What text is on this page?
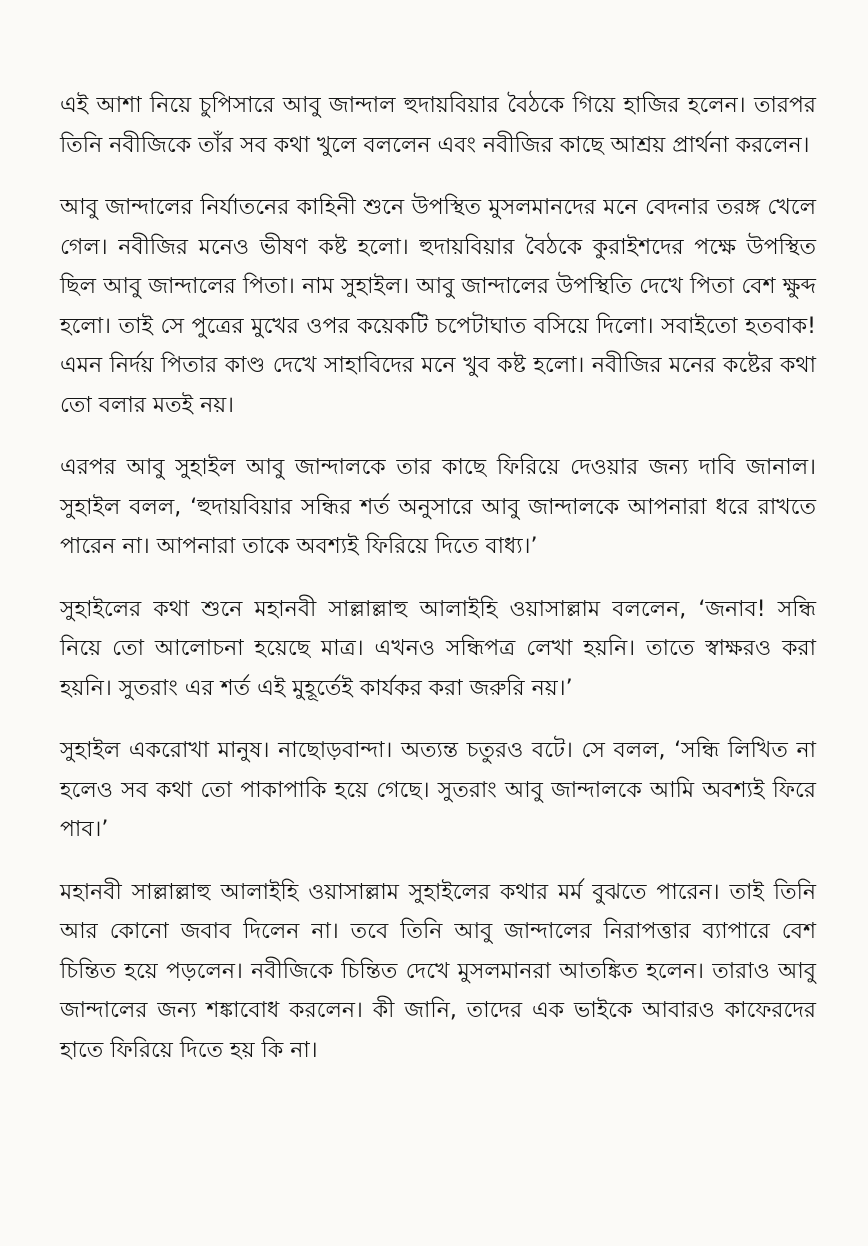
এই আশা নিয়ে চুপিসারে আবু জান্দাল হুদায়বিয়ার বৈঠকে গিয়ে হাজির হলেন। তারপর তিনি নবীজিকে তাঁর সব কথা খুলে বললেন এবং নবীজির কাছে আশ্রয় প্রার্থনা করলেন।

আবু জান্দালের নির্যাতনের কাহিনী শুনে উপস্থিত মুসলমানদের মনে বেদনার তরঙ্গ খেলে গেল। নবীজির মনেও ভীষণ কষ্ট হলো। হুদায়বিয়ার বৈঠকে কুরাইশদের পক্ষে উপস্থিত ছিল আবু জান্দালের পিতা। নাম সুহাইল। আবু জান্দালের উপস্থিতি দেখে পিতা বেশ ক্ষুব্দ হলো। তাই সে পুত্রের মুখের ওপর কয়েকটি চপেটাঘাত বসিয়ে দিলো। সবাইতো হতবাক! এমন নির্দয় পিতার কাণ্ড দেখে সাহাবিদের মনে খুব কষ্ট হলো। নবীজির মনের কষ্টের কথা তো বলার মতই নয়।

এরপর আবু সুহাইল আবু জান্দালকে তার কাছে ফিরিয়ে দেওয়ার জন্য দাবি জানাল। সুহাইল বলল, ‘হুদায়বিয়ার সন্ধির শর্ত অনুসারে আবু জান্দালকে আপনারা ধরে রাখতে পারেন না। আপনারা তাকে অবশ্যই ফিরিয়ে দিতে বাধ্য।’

সুহাইলের কথা শুনে মহানবী সাল্লাল্লাহু আলাইহি ওয়াসাল্লাম বললেন, ‘জনাব! সন্ধি নিয়ে তো আলোচনা হয়েছে মাত্র। এখনও সন্ধিপত্র লেখা হয়নি। তাতে স্বাক্ষরও করা হয়নি। সুতরাং এর শর্ত এই মুহূর্তেই কার্যকর করা জরুরি নয়।’

সুহাইল একরোখা মানুষ। নাছোড়বান্দা। অত্যন্ত চতুরও বটে। সে বলল, ‘সন্ধি লিখিত না হলেও সব কথা তো পাকাপাকি হয়ে গেছে। সুতরাং আবু জান্দালকে আমি অবশ্যই ফিরে পাব।’

মহানবী সাল্লাল্লাহু আলাইহি ওয়াসাল্লাম সুহাইলের কথার মর্ম বুঝতে পারেন। তাই তিনি আর কোনো জবাব দিলেন না। তবে তিনি আবু জান্দালের নিরাপত্তার ব্যাপারে বেশ চিন্তিত হয়ে পড়লেন। নবীজিকে চিন্তিত দেখে মুসলমানরা আতঙ্কিত হলেন। তারাও আবু জান্দালের জন্য শঙ্কাবোধ করলেন। কী জানি, তাদের এক ভাইকে আবারও কাফেরদের হাতে ফিরিয়ে দিতে হয় কি না।
